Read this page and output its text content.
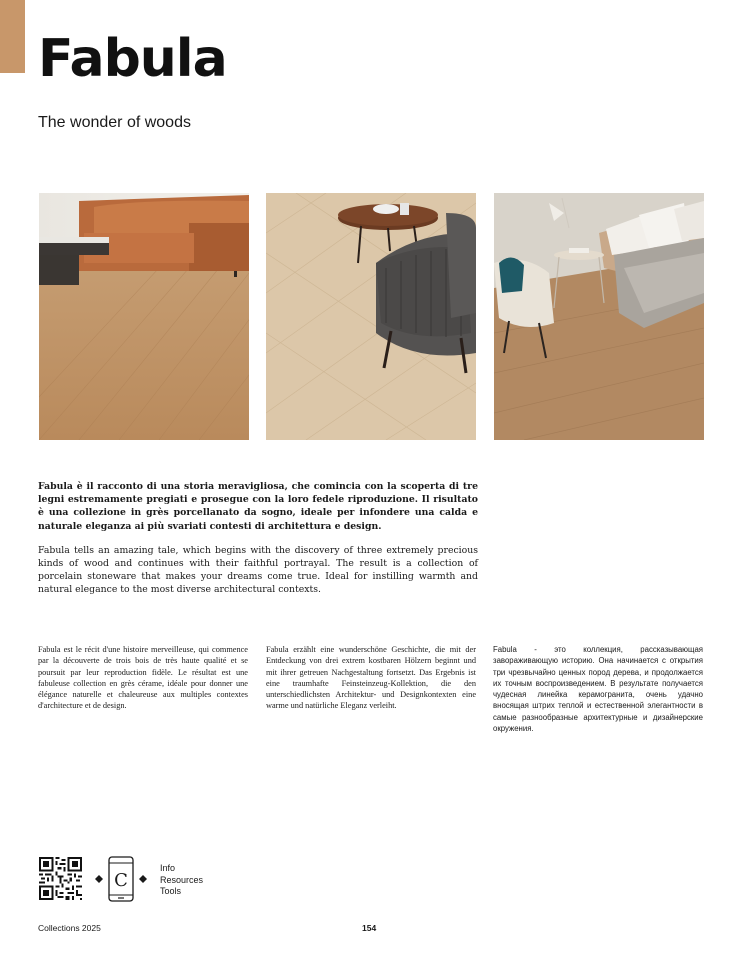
Fabula

The wonder of woods

Fabula è il racconto di una storia meravigliosa, che comincia con la scoperta di tre legni estremamente pregiati e prosegue con la loro fedele riproduzione. Il risultato è una collezione in grès porcellanato da sogno, ideale per infondere una calda e naturale eleganza ai più svariati contesti di architettura e design.

Fabula tells an amazing tale, which begins with the discovery of three extremely precious kinds of wood and continues with their faithful portrayal. The result is a collection of porcelain stoneware that makes your dreams come true. Ideal for instilling warmth and natural elegance to the most diverse architectural contexts.

Fabula est le récit d'une histoire merveilleuse, qui commence par la découverte de trois bois de très haute qualité et se poursuit par leur reproduction fidèle. Le résultat est une fabuleuse collection en grès cérame, idéale pour donner une élégance naturelle et chaleureuse aux multiples contextes d'architecture et de design.

Fabula erzählt eine wunderschöne Geschichte, die mit der Entdeckung von drei extrem kostbaren Hölzern beginnt und mit ihrer getreuen Nachgestaltung fortsetzt. Das Ergebnis ist eine traumhafte Feinsteinzeug-Kollektion, die den unterschiedlichsten Architektur- und Designkontexten eine warme und natürliche Eleganz verleiht.

Fabula - это коллекция, рассказывающая завораживающую историю. Она начинается с открытия три чрезвычайно ценных пород дерева, и продолжается их точным воспроизведением. В результате получается чудесная линейка керамогранита, очень удачно вносящая штрих теплой и естественной элегантности в самые разнообразные архитектурные и дизайнерские окружения.

C
Info
Resources
Tools
Collections 2025	154
